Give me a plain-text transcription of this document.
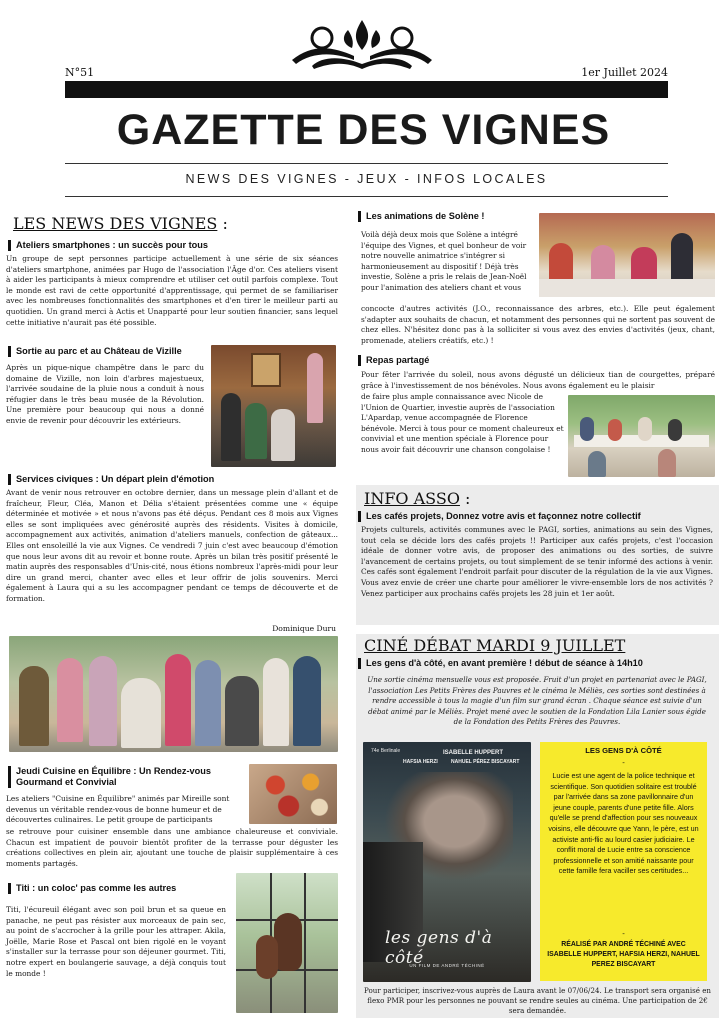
N°51	1er Juillet 2024
GAZETTE DES VIGNES
NEWS DES VIGNES - JEUX - INFOS LOCALES
LES NEWS DES VIGNES :
Ateliers smartphones : un succès pour tous

Un groupe de sept personnes participe actuellement à une série de six séances d'ateliers smartphone, animées par Hugo de l'association l'Âge d'or. Ces ateliers visent à aider les participants à mieux comprendre et utiliser cet outil parfois complexe. Tout le monde est ravi de cette opportunité d'apprentissage, qui permet de se familiariser avec les nombreuses fonctionnalités des smartphones et d'en tirer le meilleur parti au quotidien. Un grand merci à Actis et Unapparté pour leur soutien financier, sans lequel cette initiative n'aurait pas été possible.

Sortie au parc et au Château de Vizille

Après un pique-nique champêtre dans le parc du domaine de Vizille, non loin d'arbres majestueux, l'arrivée soudaine de la pluie nous a conduit à nous réfugier dans le très beau musée de la Révolution. Une première pour beaucoup qui nous a donné envie de revenir pour découvrir les extérieurs.

Services civiques : Un départ plein d'émotion

Avant de venir nous retrouver en octobre dernier, dans un message plein d'allant et de fraîcheur, Fleur, Cléa, Manon et Délia s'étaient présentées comme une « équipe déterminée et motivée » et nous n'avons pas été déçus. Pendant ces 8 mois aux Vignes elles se sont impliquées avec générosité auprès des résidents. Visites à domicile, accompagnement aux activités, animation d'ateliers manuels, confection de gâteaux... Elles ont ensoleillé la vie aux Vignes. Ce vendredi 7 juin c'est avec beaucoup d'émotion que nous leur avons dit au revoir et bonne route. Après un bilan très positif présenté le matin auprès des responsables d'Unis-cité, nous étions nombreux l'après-midi pour leur dire un grand merci, chanter avec elles et leur offrir de jolis souvenirs. Merci également à Laura qui a su les accompagner pendant ce temps de découverte et de formation.

Dominique Duru
Jeudi Cuisine en Équilibre : Un Rendez-vous Gourmand et Convivial

Les ateliers "Cuisine en Équilibre" animés par Mireille sont devenus un véritable rendez-vous de bonne humeur et de découvertes culinaires. Le petit groupe de participants

se retrouve pour cuisiner ensemble dans une ambiance chaleureuse et conviviale. Chacun est impatient de pouvoir bientôt profiter de la terrasse pour déguster les créations collectives en plein air, ajoutant une touche de plaisir supplémentaire à ces moments partagés.

Titi : un coloc' pas comme les autres

Titi, l'écureuil élégant avec son poil brun et sa queue en panache, ne peut pas résister aux morceaux de pain sec, au point de s'accrocher à la grille pour les attraper. Akila, Joëlle, Marie Rose et Pascal ont bien rigolé en le voyant s'installer sur la terrasse pour son déjeuner gourmet. Titi, notre expert en boulangerie sauvage, a déjà conquis tout le monde !

Les animations de Solène !

Voilà déjà deux mois que Solène a intégré l'équipe des Vignes, et quel bonheur de voir notre nouvelle animatrice s'intégrer si harmonieusement au dispositif ! Déjà très investie, Solène a pris le relais de Jean-Noël pour l'animation des ateliers chant et vous

concocte d'autres activités (J.O., reconnaissance des arbres, etc.). Elle peut également s'adapter aux souhaits de chacun, et notamment des personnes qui ne sortent pas souvent de chez elles. N'hésitez donc pas à la solliciter si vous avez des envies d'activités (jeux, chant, promenade, ateliers créatifs, etc.) !

Repas partagé

Pour fêter l'arrivée du soleil, nous avons dégusté un délicieux tian de courgettes, préparé grâce à l'investissement de nos bénévoles. Nous avons également eu le plaisir

de faire plus ample connaissance avec Nicole de l'Union de Quartier, investie auprès de l'association L'Apardap, venue accompagnée de Florence bénévole. Merci à tous pour ce moment chaleureux et convivial et une mention spéciale à Florence pour nous avoir fait découvrir une chanson congolaise !

INFO ASSO :
Les cafés projets, Donnez votre avis et façonnez notre collectif

Projets culturels, activités communes avec le PAGI, sorties, animations au sein des Vignes, tout cela se décide lors des cafés projets !! Participer aux cafés projets, c'est l'occasion idéale de donner votre avis, de proposer des animations ou des sorties, de suivre l'avancement de certains projets, ou tout simplement de se tenir informé des actions à venir. Ces cafés sont également l'endroit parfait pour discuter de la régulation de la vie aux Vignes. Vous avez envie de créer une charte pour améliorer le vivre-ensemble lors de nos activités ? Venez participer aux prochains cafés projets les 28 juin et 1er août.

CINÉ DÉBAT MARDI 9 JUILLET
Les gens d'à côté, en avant première ! début de séance à 14h10

Une sortie cinéma mensuelle vous est proposée. Fruit d'un projet en partenariat avec le PAGI, l'association Les Petits Frères des Pauvres et le cinéma le Méliès, ces sorties sont destinées à rendre accessible à tous la magie d'un film sur grand écran . Chaque séance est suivie d'un débat animé par le Méliès. Projet mené avec le soutien de la Fondation Lila Lanier sous égide de la Fondation des Petits Frères des Pauvres.

74e Berlinale	ISABELLE HUPPERT
HAFSIA HERZI	NAHUEL PÉREZ BISCAYART
les gens d'à côté
UN FILM DE ANDRÉ TÉCHINÉ
LES GENS D'À CÔTÉ
-

Lucie est une agent de la police technique et scientifique. Son quotidien solitaire est troublé par l'arrivée dans sa zone pavillonnaire d'un jeune couple, parents d'une petite fille. Alors qu'elle se prend d'affection pour ses nouveaux voisins, elle découvre que Yann, le père, est un activiste anti-flic au lourd casier judiciaire. Le conflit moral de Lucie entre sa conscience professionnelle et son amitié naissante pour cette famille fera vaciller ses certitudes...

-

RÉALISÉ PAR ANDRÉ TÉCHINÉ AVEC ISABELLE HUPPERT, HAFSIA HERZI, NAHUEL PEREZ BISCAYART

Pour participer, inscrivez-vous auprès de Laura avant le 07/06/24. Le transport sera organisé en flexo PMR pour les personnes ne pouvant se rendre seules au cinéma. Une participation de 2€ sera demandée.
